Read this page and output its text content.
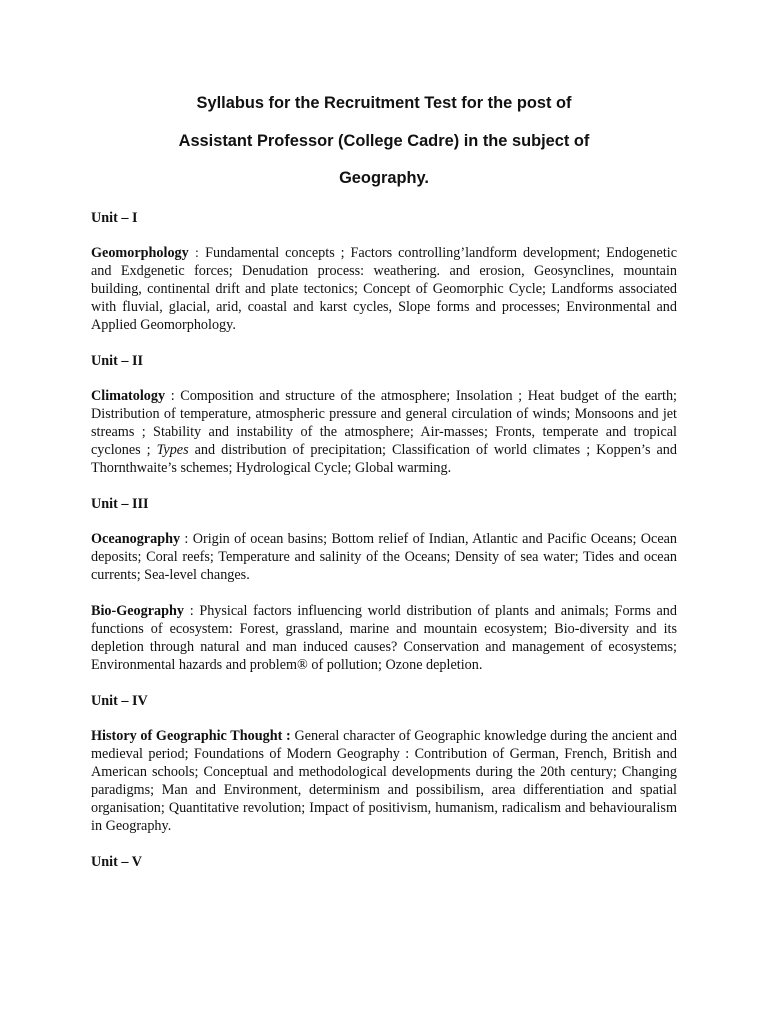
Syllabus for the Recruitment Test for the post of
Assistant Professor (College Cadre) in the subject of
Geography.

Unit – I

Geomorphology : Fundamental concepts ; Factors controlling’landform development; Endogenetic and Exdgenetic forces; Denudation process: weathering. and erosion, Geosynclines, mountain building, continental drift and plate tectonics; Concept of Geomorphic Cycle; Landforms associated with fluvial, glacial, arid, coastal and karst cycles, Slope forms and processes; Environmental and Applied Geomorphology.

Unit – II

Climatology : Composition and structure of the atmosphere; Insolation ; Heat budget of the earth; Distribution of temperature, atmospheric pressure and general circulation of winds; Monsoons and jet streams ; Stability and instability of the atmosphere; Air-masses; Fronts, temperate and tropical cyclones ; Types and distribution of precipitation; Classification of world climates ; Koppen’s and Thornthwaite’s schemes; Hydrological Cycle; Global warming.

Unit – III

Oceanography : Origin of ocean basins; Bottom relief of Indian, Atlantic and Pacific Oceans; Ocean deposits; Coral reefs; Temperature and salinity of the Oceans; Density of sea water; Tides and ocean currents; Sea-level changes.

Bio-Geography : Physical factors influencing world distribution of plants and animals; Forms and functions of ecosystem: Forest, grassland, marine and mountain ecosystem; Bio-diversity and its depletion through natural and man induced causes? Conservation and management of ecosystems; Environmental hazards and problem® of pollution; Ozone depletion.

Unit – IV

History of Geographic Thought : General character of Geographic knowledge during the ancient and medieval period; Foundations of Modern Geography : Contribution of German, French, British and American schools; Conceptual and methodological developments during the 20th century; Changing paradigms; Man and Environment, determinism and possibilism, area differentiation and spatial organisation; Quantitative revolution; Impact of positivism, humanism, radicalism and behaviouralism in Geography.

Unit – V
